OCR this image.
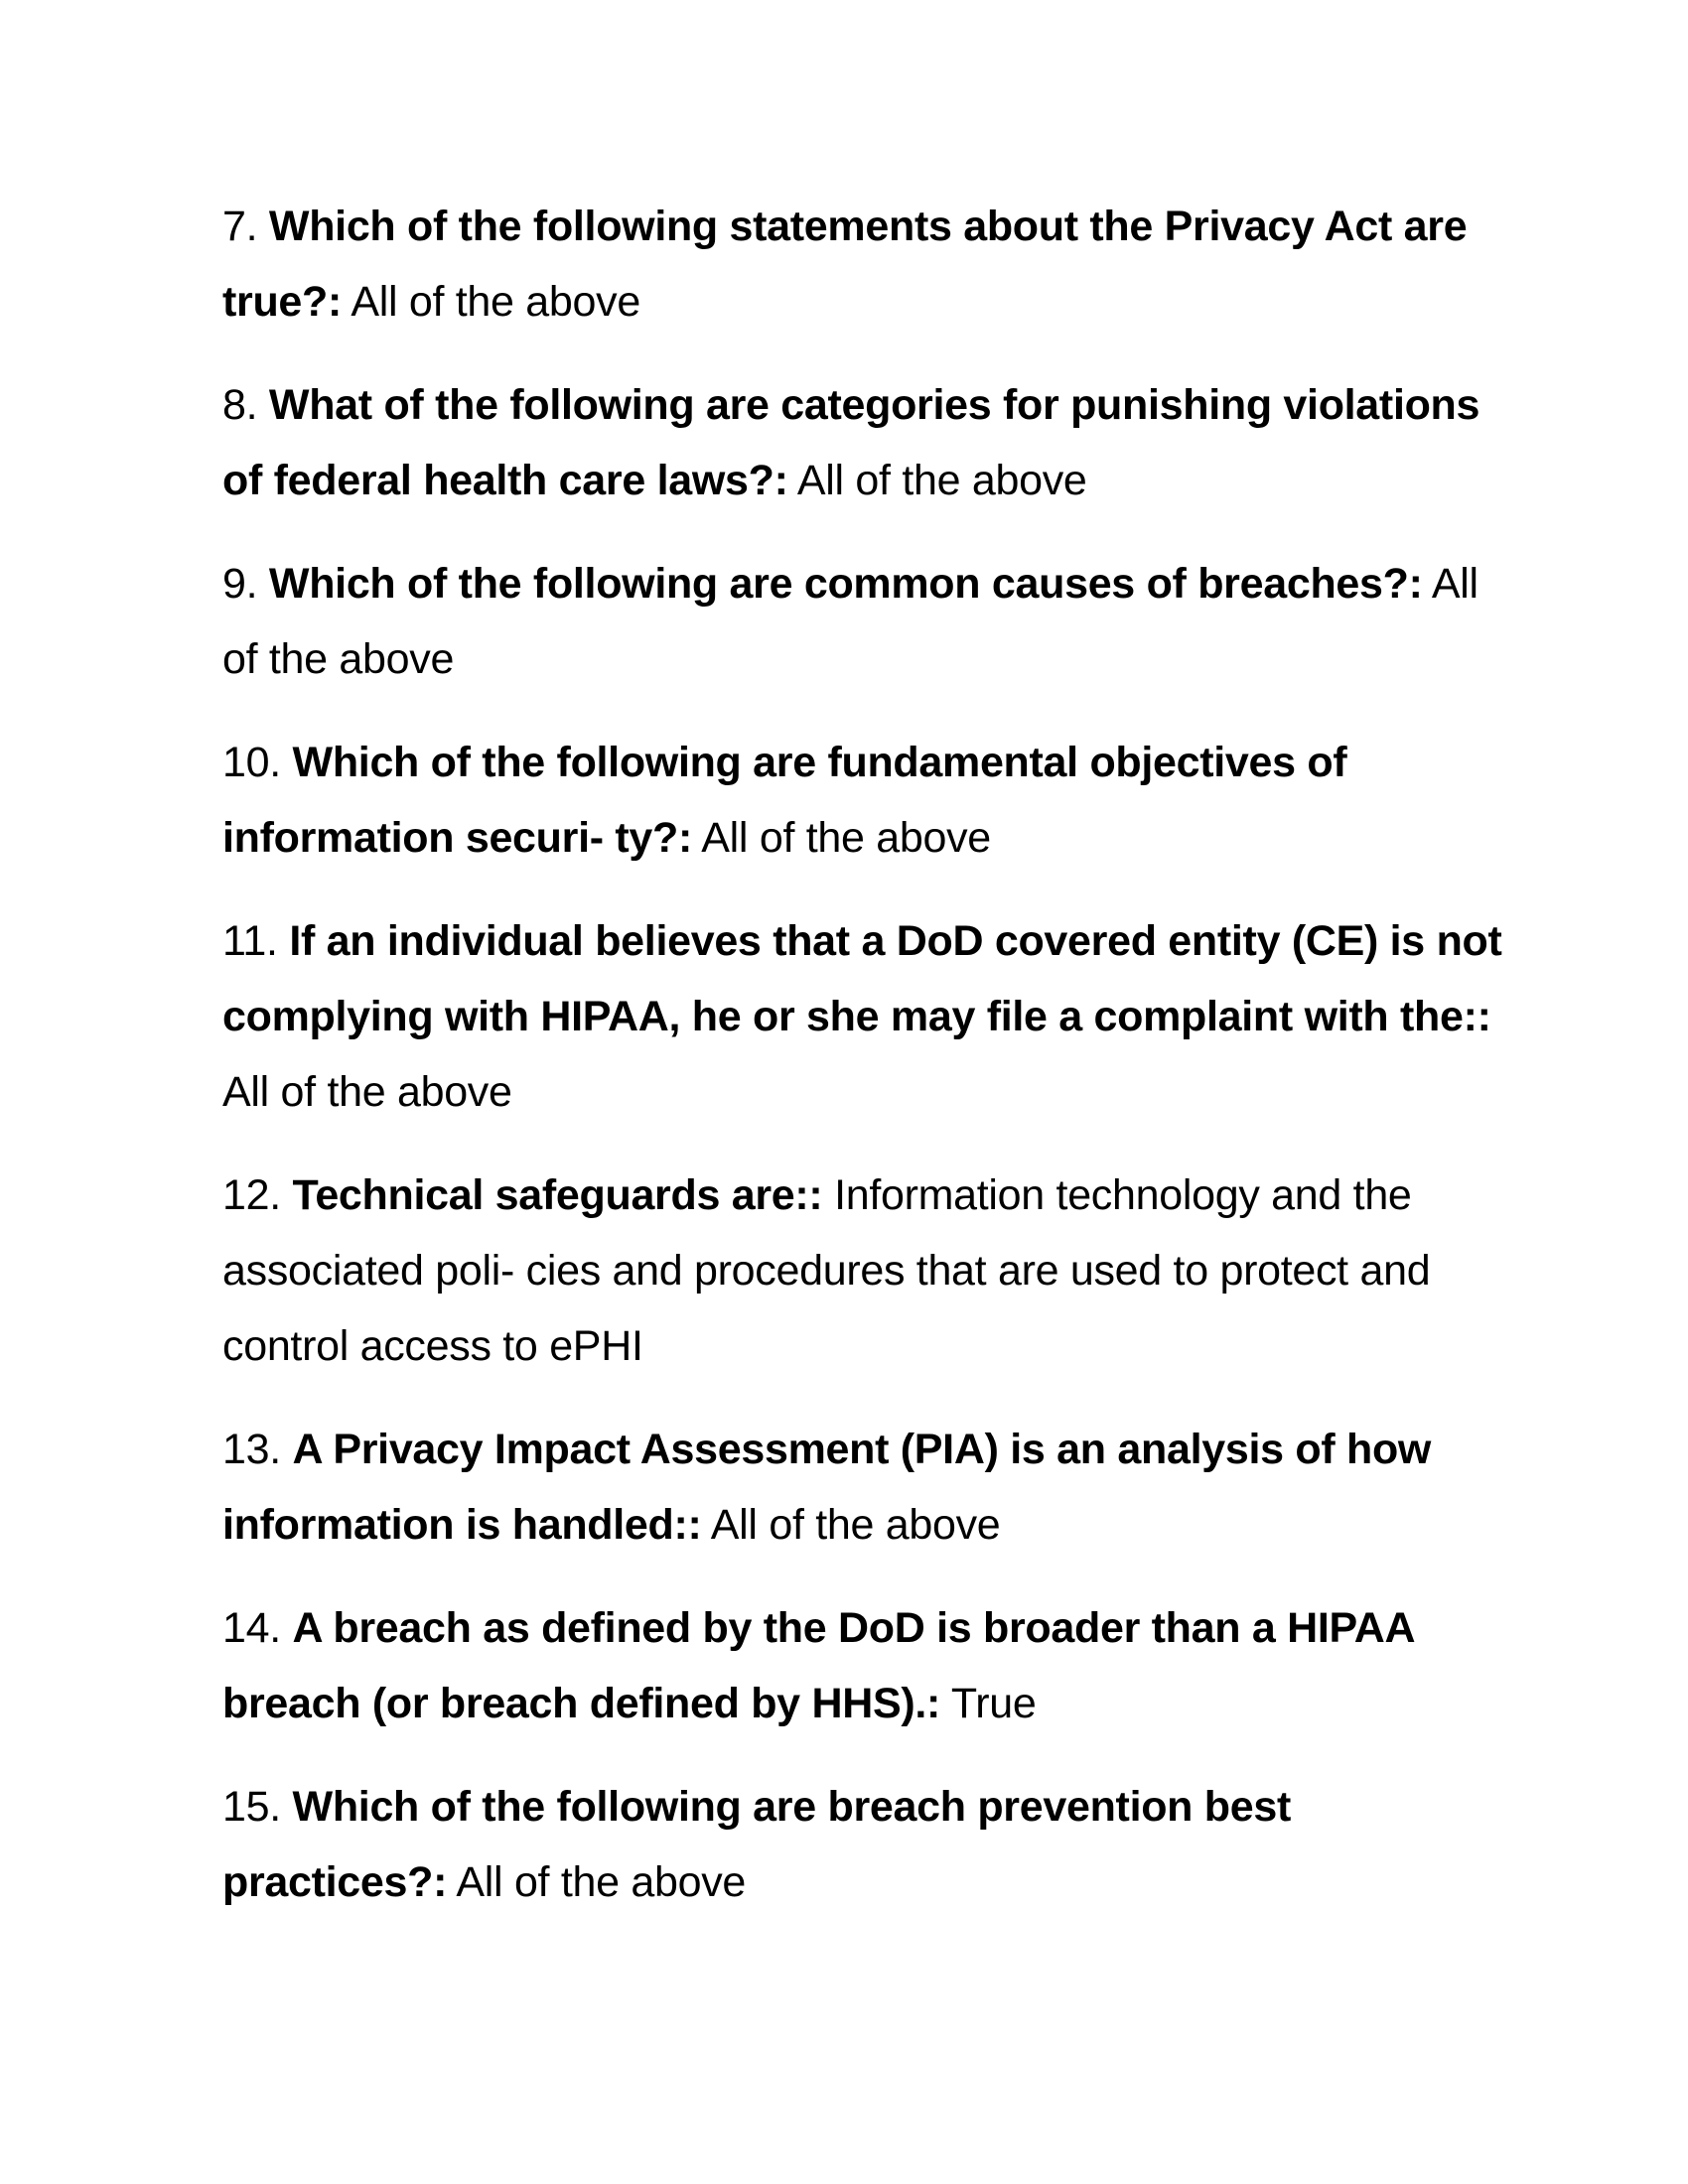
7. Which of the following statements about the Privacy Act are true?: All of the above

8. What of the following are categories for punishing violations of federal health care laws?: All of the above

9. Which of the following are common causes of breaches?: All of the above

10. Which of the following are fundamental objectives of information securi- ty?: All of the above

11. If an individual believes that a DoD covered entity (CE) is not complying with HIPAA, he or she may file a complaint with the:: All of the above

12. Technical safeguards are:: Information technology and the associated poli- cies and procedures that are used to protect and control access to ePHI

13. A Privacy Impact Assessment (PIA) is an analysis of how information is handled:: All of the above

14. A breach as defined by the DoD is broader than a HIPAA breach (or breach defined by HHS).: True

15. Which of the following are breach prevention best practices?: All of the above
